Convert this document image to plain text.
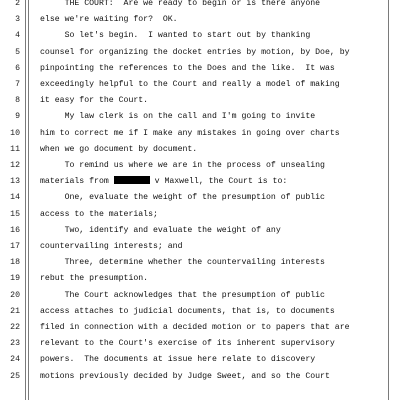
2 THE COURT:  Are we ready to begin or is there anyone
3 else we're waiting for?  OK.
4 So let's begin.  I wanted to start out by thanking
5 counsel for organizing the docket entries by motion, by Doe, by
6 pinpointing the references to the Does and the like.  It was
7 exceedingly helpful to the Court and really a model of making
8 it easy for the Court.
9 My law clerk is on the call and I'm going to invite
10 him to correct me if I make any mistakes in going over charts
11 when we go document by document.
12 To remind us where we are in the process of unsealing
13 materials from	v Maxwell, the Court is to:
14 One, evaluate the weight of the presumption of public
15 access to the materials;
16 Two, identify and evaluate the weight of any
17 countervailing interests; and
18 Three, determine whether the countervailing interests
19 rebut the presumption.
20 The Court acknowledges that the presumption of public
21 access attaches to judicial documents, that is, to documents
22 filed in connection with a decided motion or to papers that are
23 relevant to the Court's exercise of its inherent supervisory
24 powers.  The documents at issue here relate to discovery
25 motions previously decided by Judge Sweet, and so the Court
